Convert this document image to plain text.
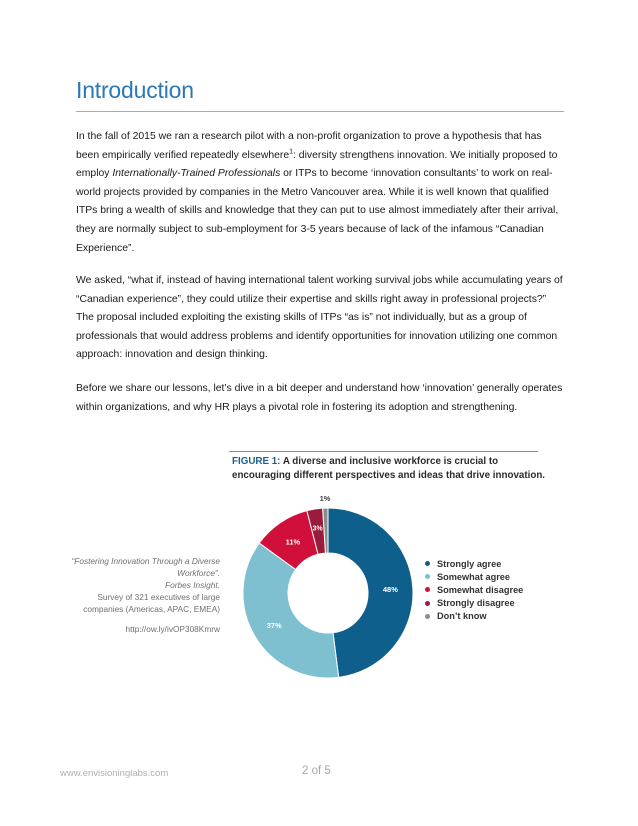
Introduction

In the fall of 2015 we ran a research pilot with a non-profit organization to prove a hypothesis that has been empirically verified repeatedly elsewhere$^1$: diversity strengthens innovation. We initially proposed to employ Internationally-Trained Professionals or ITPs to become ‘innovation consultants’ to work on real-world projects provided by companies in the Metro Vancouver area. While it is well known that qualified ITPs bring a wealth of skills and knowledge that they can put to use almost immediately after their arrival, they are normally subject to sub-employment for 3-5 years because of lack of the infamous “Canadian Experience”.

We asked, “what if, instead of having international talent working survival jobs while accumulating years of “Canadian experience”, they could utilize their expertise and skills right away in professional projects?” The proposal included exploiting the existing skills of ITPs “as is” not individually, but as a group of professionals that would address problems and identify opportunities for innovation utilizing one common approach: innovation and design thinking.

Before we share our lessons, let’s dive in a bit deeper and understand how ‘innovation’ generally operates within organizations, and why HR plays a pivotal role in fostering its adoption and strengthening.

FIGURE 1: A diverse and inclusive workforce is crucial to encouraging different perspectives and ideas that drive innovation.
“Fostering Innovation Through a Diverse Workforce”.
Forbes Insight.
Survey of 321 executives of large companies (Americas, APAC, EMEA)
http://ow.ly/ivOP308Kmrw
48%
37%
11%
3%
1%
Strongly agree
Somewhat agree
Somewhat disagree
Strongly disagree
Don’t know
www.envisioninglabs.com	2 of 5
